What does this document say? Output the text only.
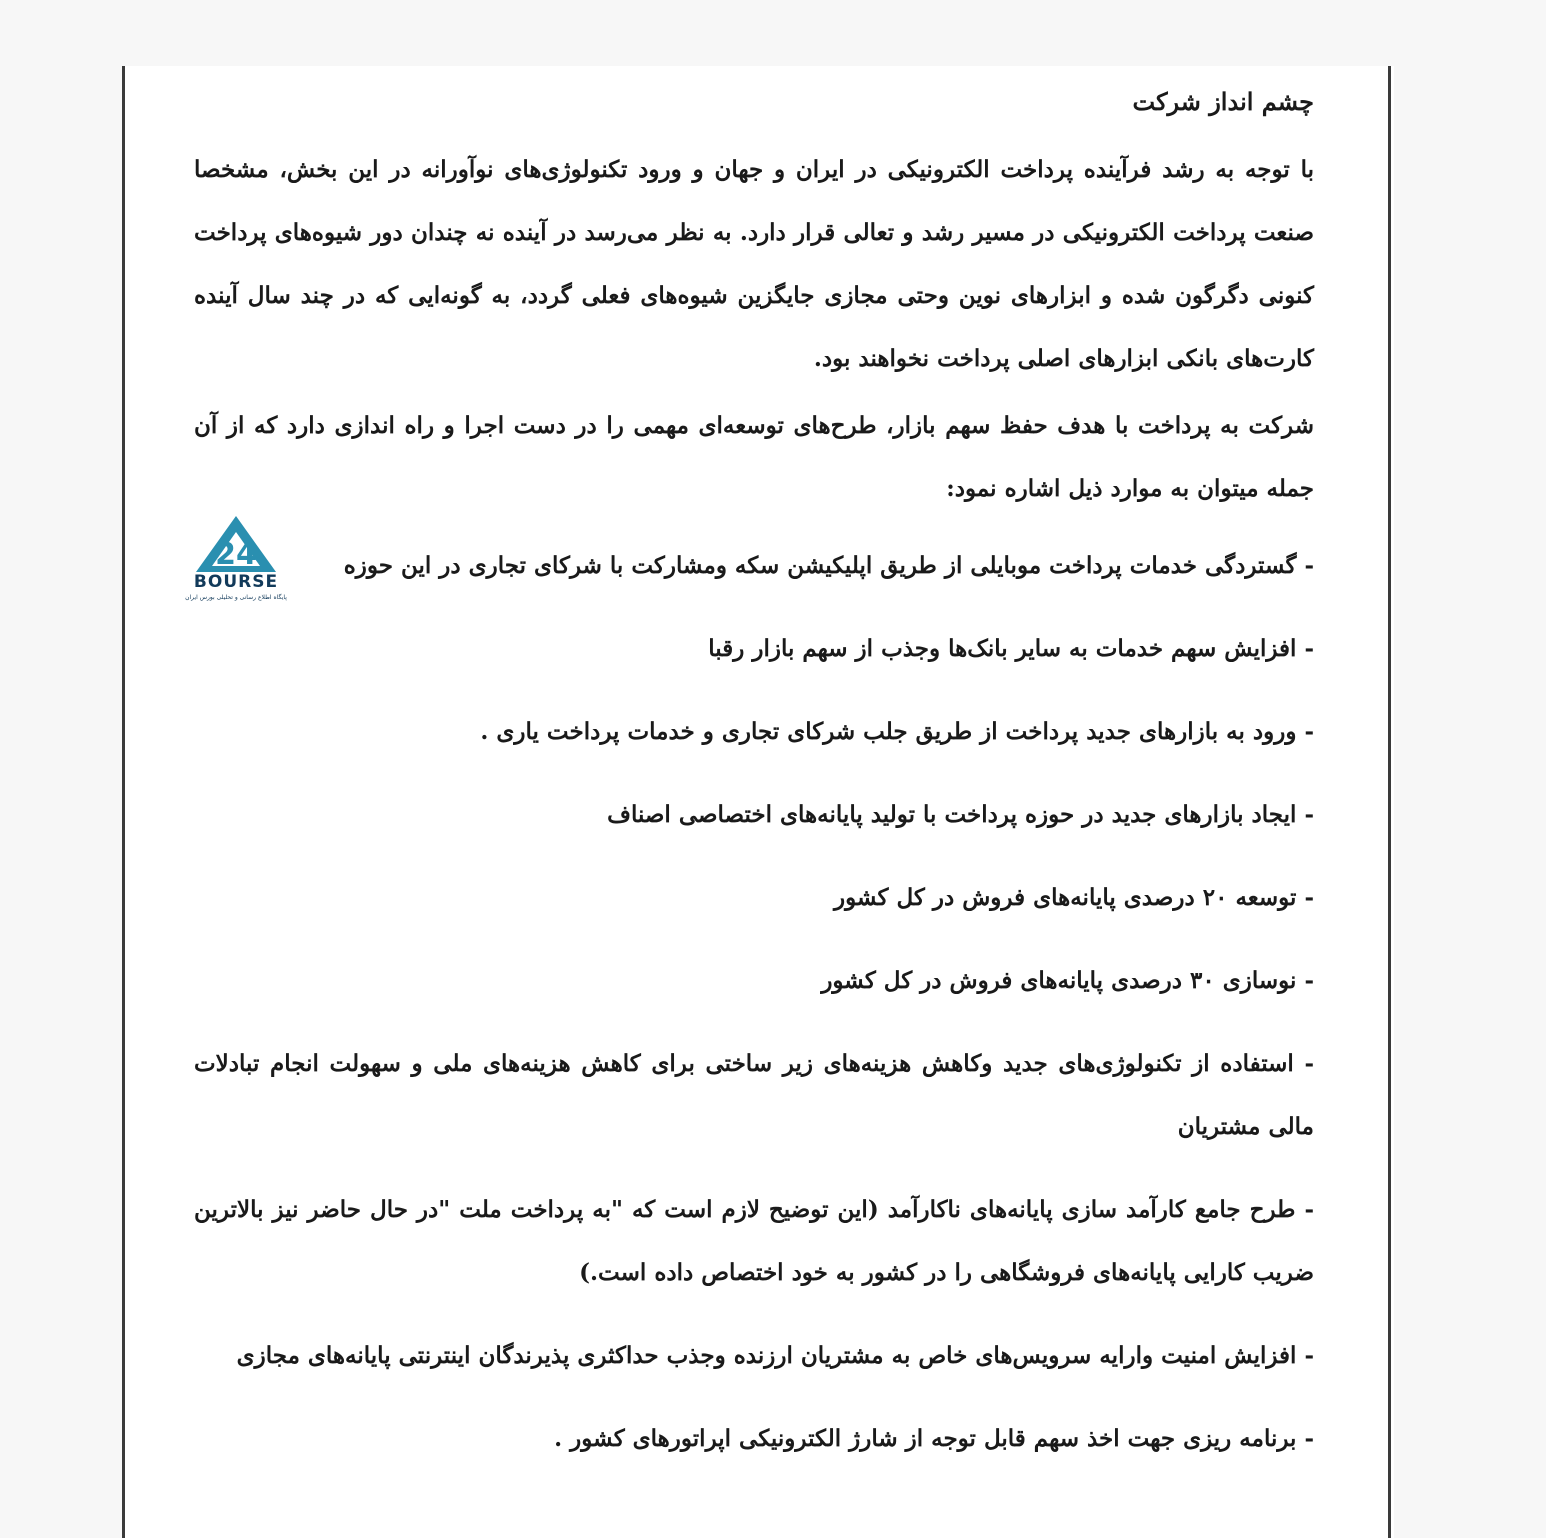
چشم انداز شرکت

با توجه به رشد فرآینده پرداخت الکترونیکی در ایران و جهان و ورود تکنولوژی‌های نوآورانه در این بخش، مشخصا صنعت پرداخت الکترونیکی در مسیر رشد و تعالی قرار دارد. به نظر می‌رسد در آینده نه چندان دور شیوه‌های پرداخت کنونی دگرگون شده و ابزارهای نوین وحتی مجازی جایگزین شیوه‌های فعلی گردد، به گونه‌ایی که در چند سال آینده کارت‌های بانکی ابزارهای اصلی پرداخت نخواهند بود.

شرکت به پرداخت با هدف حفظ سهم بازار، طرح‌های توسعه‌ای مهمی را در دست اجرا و راه اندازی دارد که از آن جمله میتوان به موارد ذیل اشاره نمود:

- گستردگی خدمات پرداخت موبایلی از طریق اپلیکیشن سکه ومشارکت با شرکای تجاری در این حوزه
- افزایش سهم خدمات به سایر بانک‌ها وجذب از سهم بازار رقبا
- ورود به بازارهای جدید پرداخت از طریق جلب شرکای تجاری و خدمات پرداخت یاری .
- ایجاد بازارهای جدید در حوزه پرداخت با تولید پایانه‌های اختصاصی اصناف
- توسعه ۲۰ درصدی پایانه‌های فروش در کل کشور
- نوسازی ۳۰ درصدی پایانه‌های فروش در کل کشور
- استفاده از تکنولوژی‌های جدید وکاهش هزینه‌های زیر ساختی برای کاهش هزینه‌های ملی و سهولت انجام تبادلات مالی مشتریان
- طرح جامع کارآمد سازی پایانه‌های ناکارآمد (این توضیح لازم است که "به پرداخت ملت "در حال حاضر نیز بالاترین ضریب کارایی پایانه‌های فروشگاهی را در کشور به خود اختصاص داده است.)
- افزایش امنیت وارایه سرویس‌های خاص به مشتریان ارزنده وجذب حداکثری پذیرندگان اینترنتی پایانه‌های مجازی
- برنامه ریزی جهت اخذ سهم قابل توجه از شارژ الکترونیکی اپراتورهای کشور .
24
BOURSE
پایگاه اطلاع رسانی و تحلیلی بورس ایران
